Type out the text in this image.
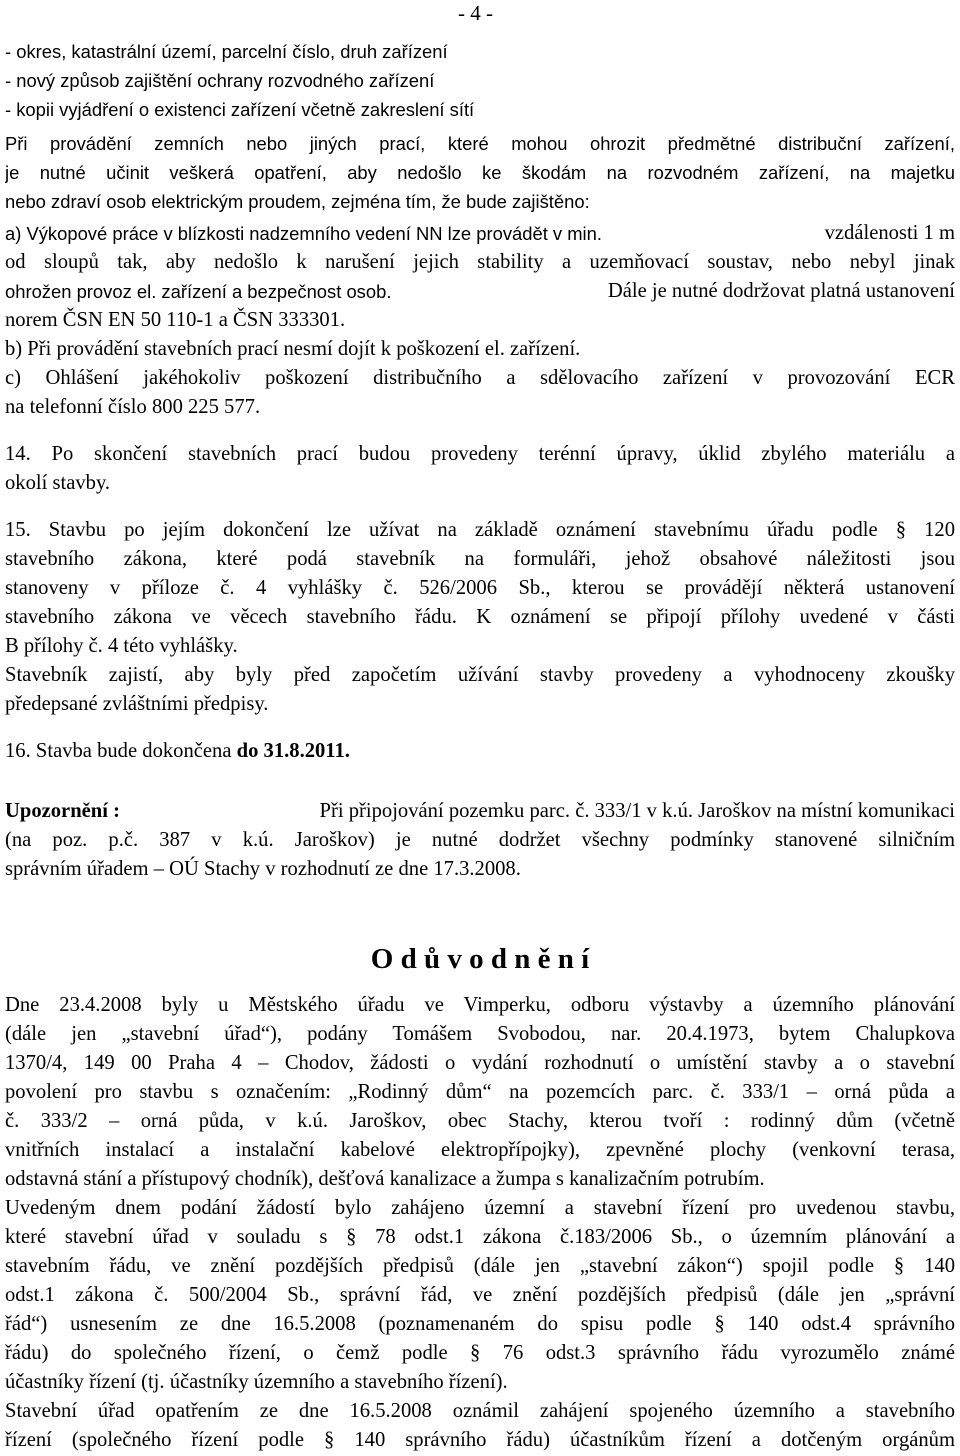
- 4 -
- okres, katastrální území, parcelní číslo, druh zařízení
- nový způsob zajištění ochrany rozvodného zařízení
- kopii vyjádření o existenci zařízení včetně zakreslení sítí
Při provádění zemních nebo jiných prací, které mohou ohrozit předmětné distribuční zařízení,
je nutné učinit veškerá opatření, aby nedošlo ke škodám na rozvodném zařízení, na majetku
nebo zdraví osob elektrickým proudem, zejména tím, že bude zajištěno:
a) Výkopové práce v blízkosti nadzemního vedení NN lze provádět v min.	vzdálenosti 1 m
od sloupů tak, aby nedošlo k narušení jejich stability a uzemňovací soustav, nebo nebyl jinak
ohrožen provoz el. zařízení a bezpečnost osob.	Dále je nutné dodržovat platná ustanovení
norem ČSN EN 50 110-1 a ČSN 333301.
b) Při provádění stavebních prací nesmí dojít k poškození el. zařízení.
c) Ohlášení jakéhokoliv poškození distribučního a sdělovacího zařízení v provozování ECR
na telefonní číslo 800 225 577.
14. Po skončení stavebních prací budou provedeny terénní úpravy, úklid zbylého materiálu a
okolí stavby.
15. Stavbu po jejím dokončení lze užívat na základě oznámení stavebnímu úřadu podle § 120
stavebního zákona, které podá stavebník na formuláři, jehož obsahové náležitosti jsou
stanoveny v příloze č. 4 vyhlášky č. 526/2006 Sb., kterou se provádějí některá ustanovení
stavebního zákona ve věcech stavebního řádu. K oznámení se připojí přílohy uvedené v části
B přílohy č. 4 této vyhlášky.
Stavebník zajistí, aby byly před započetím užívání stavby provedeny a vyhodnoceny zkoušky
předepsané zvláštními předpisy.
16. Stavba bude dokončena do 31.8.2011.
Upozornění :	Při připojování pozemku parc. č. 333/1 v k.ú. Jaroškov na místní komunikaci
(na poz. p.č. 387 v k.ú. Jaroškov) je nutné dodržet všechny podmínky stanovené silničním
správním úřadem – OÚ Stachy v rozhodnutí ze dne 17.3.2008.
O d ů v o d n ě n í
Dne 23.4.2008 byly u Městského úřadu ve Vimperku, odboru výstavby a územního plánování
(dále jen „stavební úřad“), podány Tomášem Svobodou, nar. 20.4.1973, bytem Chalupkova
1370/4, 149 00 Praha 4 – Chodov, žádosti o vydání rozhodnutí o umístění stavby a o stavební
povolení pro stavbu s označením: „Rodinný dům“ na pozemcích parc. č. 333/1 – orná půda a
č. 333/2 – orná půda, v k.ú. Jaroškov, obec Stachy, kterou tvoří : rodinný dům (včetně
vnitřních instalací a instalační kabelové elektropřípojky), zpevněné plochy (venkovní terasa,
odstavná stání a přístupový chodník), dešťová kanalizace a žumpa s kanalizačním potrubím.
Uvedeným dnem podání žádostí bylo zahájeno územní a stavební řízení pro uvedenou stavbu,
které stavební úřad v souladu s § 78 odst.1 zákona č.183/2006 Sb., o územním plánování a
stavebním řádu, ve znění pozdějších předpisů (dále jen „stavební zákon“) spojil podle § 140
odst.1 zákona č. 500/2004 Sb., správní řád, ve znění pozdějších předpisů (dále jen „správní
řád“) usnesením ze dne 16.5.2008 (poznamenaném do spisu podle § 140 odst.4 správního
řádu) do společného řízení, o čemž podle § 76 odst.3 správního řádu vyrozumělo známé
účastníky řízení (tj. účastníky územního a stavebního řízení).
Stavební úřad opatřením ze dne 16.5.2008 oznámil zahájení spojeného územního a stavebního
řízení (společného řízení podle § 140 správního řádu) účastníkům řízení a dotčeným orgánům
